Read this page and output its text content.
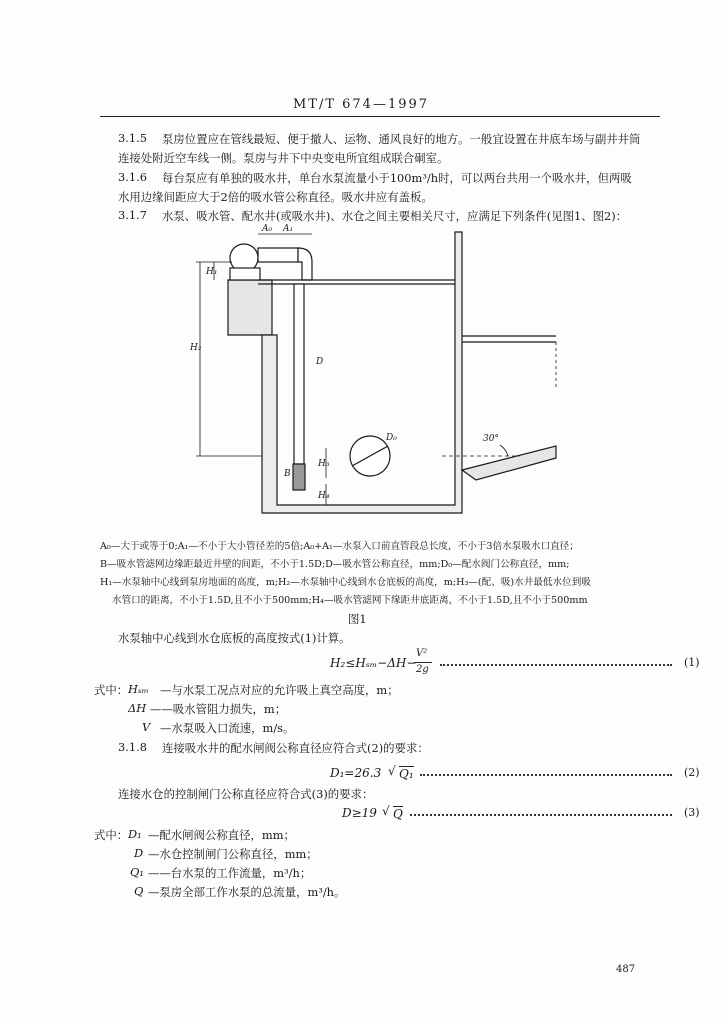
MT/T 674—1997
3.1.5 泵房位置应在管线最短、便于撤人、运物、通风良好的地方。一般宜设置在井底车场与副井井筒
连接处附近空车线一侧。泵房与井下中央变电所宜组成联合硐室。
3.1.6 每台泵应有单独的吸水井，单台水泵流量小于100m³/h时，可以两台共用一个吸水井，但两吸
水用边缘间距应大于2倍的吸水管公称直径。吸水井应有盖板。
3.1.7 水泵、吸水管、配水井(或吸水井)、水仓之间主要相关尺寸，应满足下列条件(见图1、图2)：
A₀ A₁
H₁
H₂
D
H₃
B
H₄
D₀	30°
A₀—大于或等于0;A₁—不小于大小管径差的5倍;A₀+A₁—水泵入口前直管段总长度，不小于3倍水泵吸水口直径；
B—吸水管滤网边缘距最近井壁的间距，不小于1.5D;D—吸水管公称直径，mm;D₀—配水阀门公称直径，mm;
H₁—水泵轴中心线到泵房地面的高度，m;H₂—水泵轴中心线到水仓底板的高度，m;H₃—(配、吸)水井最低水位到吸
水管口的距离，不小于1.5D,且不小于500mm;H₄—吸水管滤网下缘距井底距离，不小于1.5D,且不小于500mm
图1
水泵轴中心线到水仓底板的高度按式(1)计算。
H₂≤Hₛₘ−ΔH−
V²
2g
(1)
式中： Hₛₘ —与水泵工况点对应的允许吸上真空高度，m；
ΔH ——吸水管阻力损失，m；
V —水泵吸入口流速，m/s。
3.1.8 连接吸水井的配水闸阀公称直径应符合式(2)的要求：
D₁=26.3 √ Q₁	(2)
连接水仓的控制闸门公称直径应符合式(3)的要求：
D≥19 √ Q	(3)
式中： D₁ —配水闸阀公称直径，mm；
D —水仓控制闸门公称直径，mm；
Q₁ ——台水泵的工作流量，m³/h；
Q —泵房全部工作水泵的总流量，m³/h。
487
